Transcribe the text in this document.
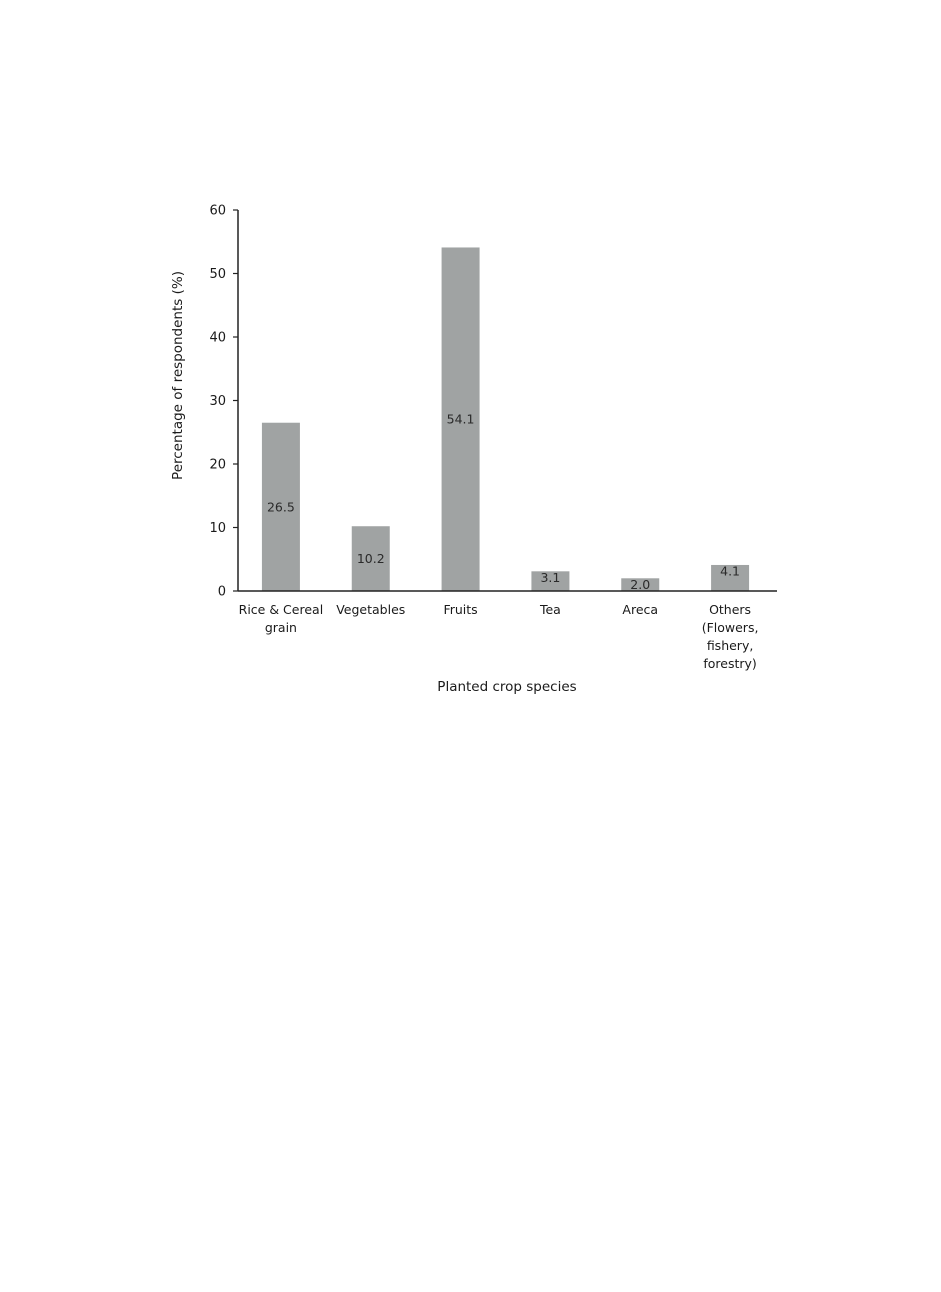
26.5
10.2
54.1
3.1	2.0
4.1
0
10
20
30
40
50
60
Rice & Cereal grain
Vegetables	Fruits	Tea	Areca	Others (Flowers, fishery, forestry)
Percentage of respondents (%)
Planted crop species
